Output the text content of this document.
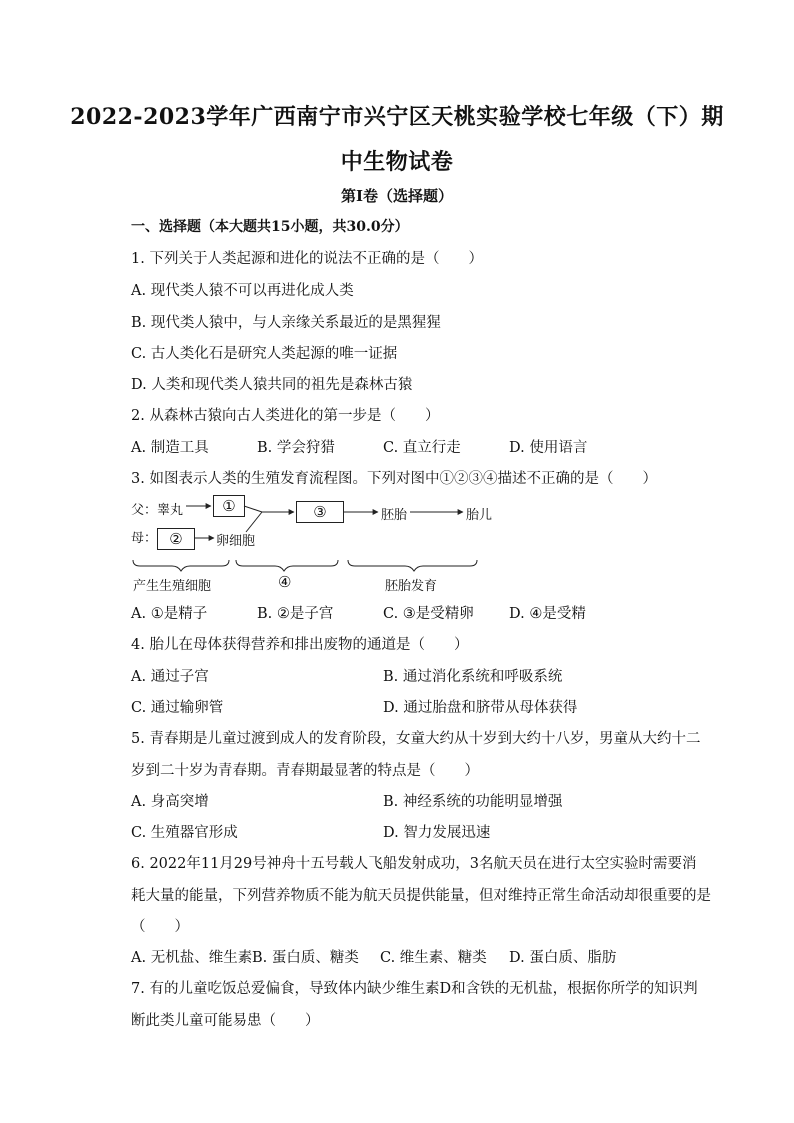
2022-2023学年广西南宁市兴宁区天桃实验学校七年级（下）期
中生物试卷
第I卷（选择题）
一、选择题（本大题共15小题，共30.0分）
1. 下列关于人类起源和进化的说法不正确的是（　　）
A. 现代类人猿不可以再进化成人类
B. 现代类人猿中，与人亲缘关系最近的是黑猩猩
C. 古人类化石是研究人类起源的唯一证据
D. 人类和现代类人猿共同的祖先是森林古猿
2. 从森林古猿向古人类进化的第一步是（　　）
A. 制造工具	B. 学会狩猎	C. 直立行走	D. 使用语言
3. 如图表示人类的生殖发育流程图。下列对图中①②③④描述不正确的是（　　）
父：睾丸
母：
①
②
③
卵细胞
胚胎	胎儿
产生生殖细胞	④	胚胎发育
A. ①是精子	B. ②是子宫	C. ③是受精卵 D. ④是受精
4. 胎儿在母体获得营养和排出废物的通道是（　　）
A. 通过子宫	B. 通过消化系统和呼吸系统
C. 通过输卵管	D. 通过胎盘和脐带从母体获得
5. 青春期是儿童过渡到成人的发育阶段，女童大约从十岁到大约十八岁，男童从大约十二
岁到二十岁为青春期。青春期最显著的特点是（　　）
A. 身高突增	B. 神经系统的功能明显增强
C. 生殖器官形成	D. 智力发展迅速
6. 2022年11月29号神舟十五号载人飞船发射成功，3名航天员在进行太空实验时需要消
耗大量的能量，下列营养物质不能为航天员提供能量，但对维持正常生命活动却很重要的是
（　　）
A. 无机盐、维生素 B. 蛋白质、糖类 C. 维生素、糖类 D. 蛋白质、脂肪
7. 有的儿童吃饭总爱偏食，导致体内缺少维生素D和含铁的无机盐，根据你所学的知识判
断此类儿童可能易患（　　）
